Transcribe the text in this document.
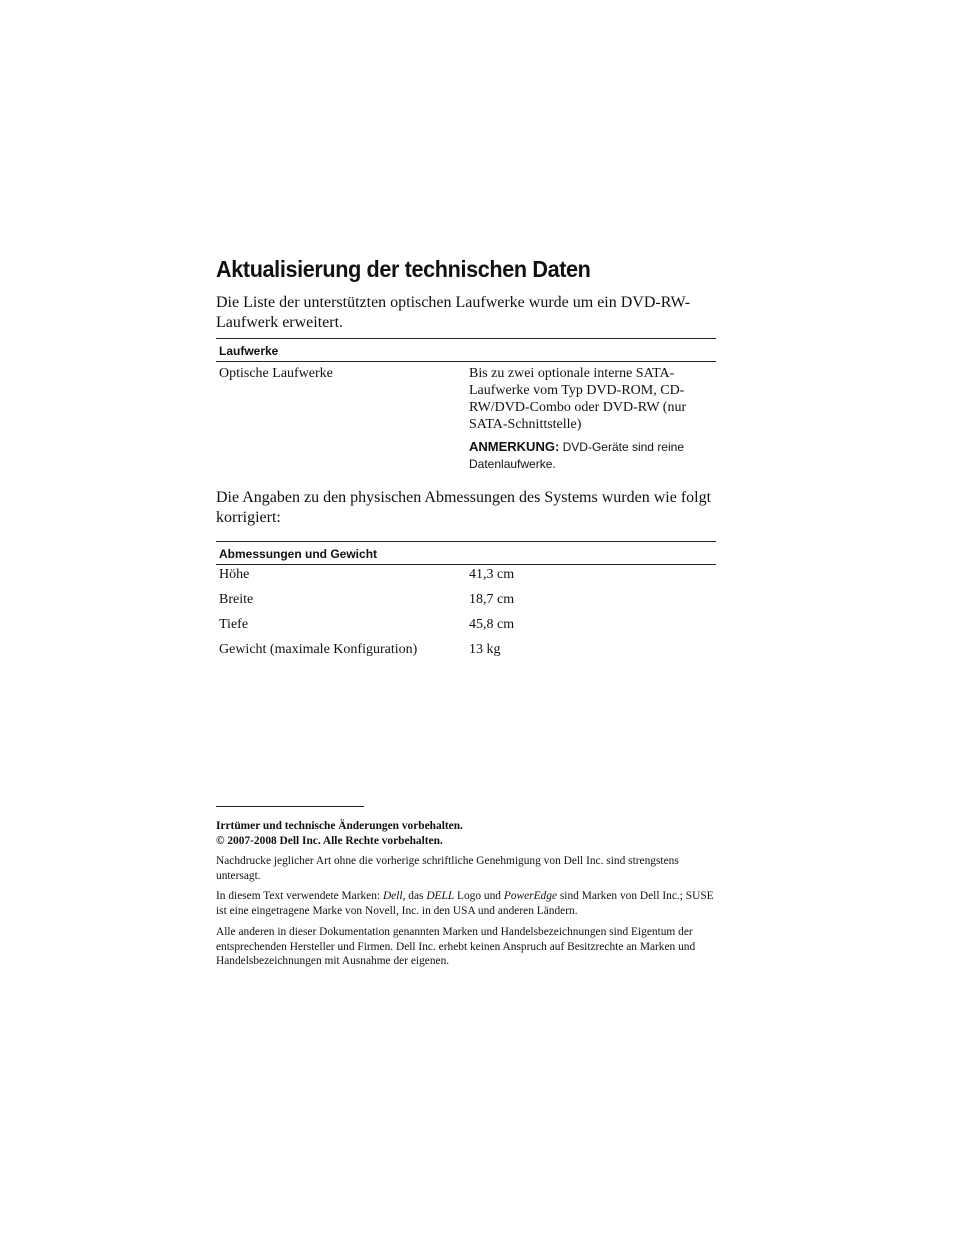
Aktualisierung der technischen Daten

Die Liste der unterstützten optischen Laufwerke wurde um ein DVD-RW-Laufwerk erweitert.

Laufwerke
Optische Laufwerke	Bis zu zwei optionale interne SATA-Laufwerke vom Typ DVD-ROM, CD-RW/DVD-Combo oder DVD-RW (nur SATA-Schnittstelle)
ANMERKUNG: DVD-Geräte sind reine Datenlaufwerke.

Die Angaben zu den physischen Abmessungen des Systems wurden wie folgt korrigiert:

Abmessungen und Gewicht
Höhe	41,3 cm
Breite	18,7 cm
Tiefe	45,8 cm
Gewicht (maximale Konfiguration)	13 kg

Irrtümer und technische Änderungen vorbehalten.
© 2007-2008 Dell Inc. Alle Rechte vorbehalten.

Nachdrucke jeglicher Art ohne die vorherige schriftliche Genehmigung von Dell Inc. sind strengstens untersagt.

In diesem Text verwendete Marken: Dell, das DELL Logo und PowerEdge sind Marken von Dell Inc.; SUSE ist eine eingetragene Marke von Novell, Inc. in den USA und anderen Ländern.

Alle anderen in dieser Dokumentation genannten Marken und Handelsbezeichnungen sind Eigentum der entsprechenden Hersteller und Firmen. Dell Inc. erhebt keinen Anspruch auf Besitzrechte an Marken und Handelsbezeichnungen mit Ausnahme der eigenen.
